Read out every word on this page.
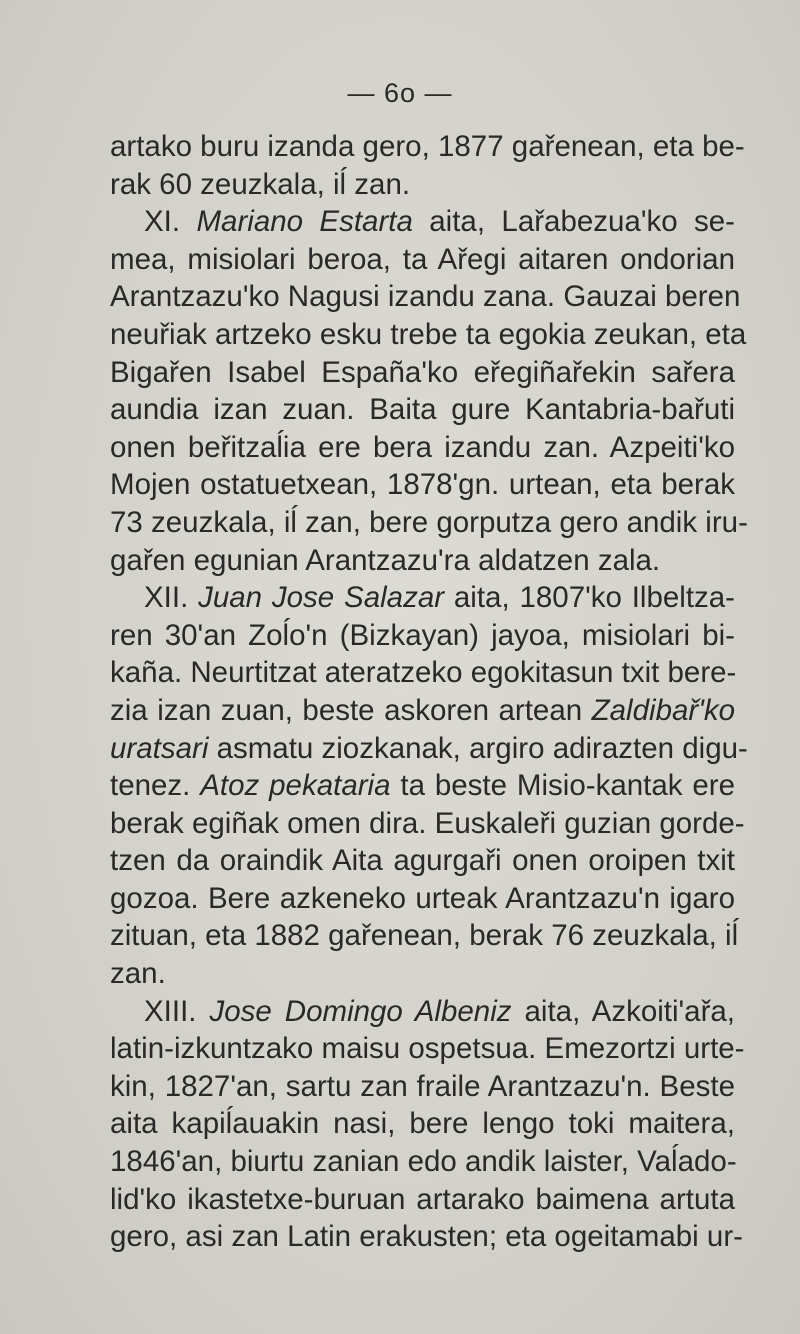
— 6o —
artako buru izanda gero, 1877 gařenean, eta be-
rak 60 zeuzkala, iĺ zan.
XI. Mariano Estarta aita, Lařabezua'ko se-
mea, misiolari beroa, ta Ařegi aitaren ondorian
Arantzazu'ko Nagusi izandu zana. Gauzai beren
neuřiak artzeko esku trebe ta egokia zeukan, eta
Bigařen Isabel España'ko eřegiñařekin sařera
aundia izan zuan. Baita gure Kantabria-bařuti
onen beřitzaĺia ere bera izandu zan. Azpeiti'ko
Mojen ostatuetxean, 1878'gn. urtean, eta berak
73 zeuzkala, iĺ zan, bere gorputza gero andik iru-
gařen egunian Arantzazu'ra aldatzen zala.
XII. Juan Jose Salazar aita, 1807'ko Ilbeltza-
ren 30'an Zoĺo'n (Bizkayan) jayoa, misiolari bi-
kaña. Neurtitzat ateratzeko egokitasun txit bere-
zia izan zuan, beste askoren artean Zaldibař'ko
uratsari asmatu ziozkanak, argiro adirazten digu-
tenez. Atoz pekataria ta beste Misio-kantak ere
berak egiñak omen dira. Euskaleři guzian gorde-
tzen da oraindik Aita agurgaři onen oroipen txit
gozoa. Bere azkeneko urteak Arantzazu'n igaro
zituan, eta 1882 gařenean, berak 76 zeuzkala, iĺ
zan.
XIII. Jose Domingo Albeniz aita, Azkoiti'ařa,
latin-izkuntzako maisu ospetsua. Emezortzi urte-
kin, 1827'an, sartu zan fraile Arantzazu'n. Beste
aita kapiĺauakin nasi, bere lengo toki maitera,
1846'an, biurtu zanian edo andik laister, Vaĺado-
lid'ko ikastetxe-buruan artarako baimena artuta
gero, asi zan Latin erakusten; eta ogeitamabi ur-
